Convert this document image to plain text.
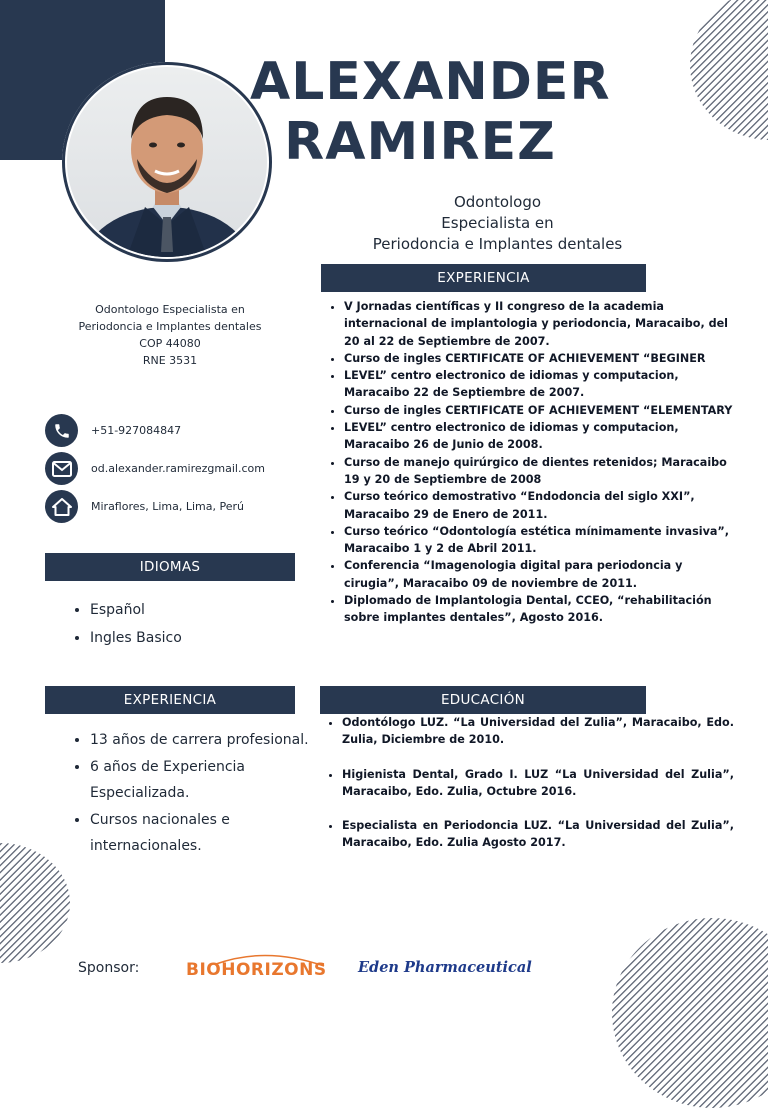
ALEXANDER
RAMIREZ
Odontologo
Especialista en
Periodoncia e Implantes dentales
Odontologo Especialista en
Periodoncia e Implantes dentales
COP 44080
RNE 3531
+51-927084847
od.alexander.ramirezgmail.com
Miraflores, Lima, Lima, Perú
EXPERIENCIA
• V Jornadas científicas y II congreso de la academia internacional de implantologia y periodoncia, Maracaibo, del 20 al 22 de Septiembre de 2007.
• Curso de ingles CERTIFICATE OF ACHIEVEMENT “BEGINER
• LEVEL” centro electronico de idiomas y computacion, Maracaibo 22 de Septiembre de 2007.
• Curso de ingles CERTIFICATE OF ACHIEVEMENT “ELEMENTARY
• LEVEL” centro electronico de idiomas y computacion, Maracaibo 26 de Junio de 2008.
• Curso de manejo quirúrgico de dientes retenidos; Maracaibo 19 y 20 de Septiembre de 2008
• Curso teórico demostrativo “Endodoncia del siglo XXI”, Maracaibo 29 de Enero de 2011.
• Curso teórico “Odontología estética mínimamente invasiva”, Maracaibo 1 y 2 de Abril 2011.
• Conferencia “Imagenologia digital para periodoncia y cirugia”, Maracaibo 09 de noviembre de 2011.
• Diplomado de Implantologia Dental, CCEO, “rehabilitación sobre implantes dentales”, Agosto 2016.
IDIOMAS
• Español
• Ingles Basico
EXPERIENCIA
• 13 años de carrera profesional.
• 6 años de Experiencia Especializada.
• Cursos nacionales e internacionales.
EDUCACIÓN
• Odontólogo LUZ. “La Universidad del Zulia”, Maracaibo, Edo. Zulia, Diciembre de 2010.
• Higienista Dental, Grado I. LUZ “La Universidad del Zulia”, Maracaibo, Edo. Zulia, Octubre 2016.
• Especialista en Periodoncia LUZ. “La Universidad del Zulia”, Maracaibo, Edo. Zulia Agosto 2017.
Sponsor:	BIOHORIZONS Eden Pharmaceutical
